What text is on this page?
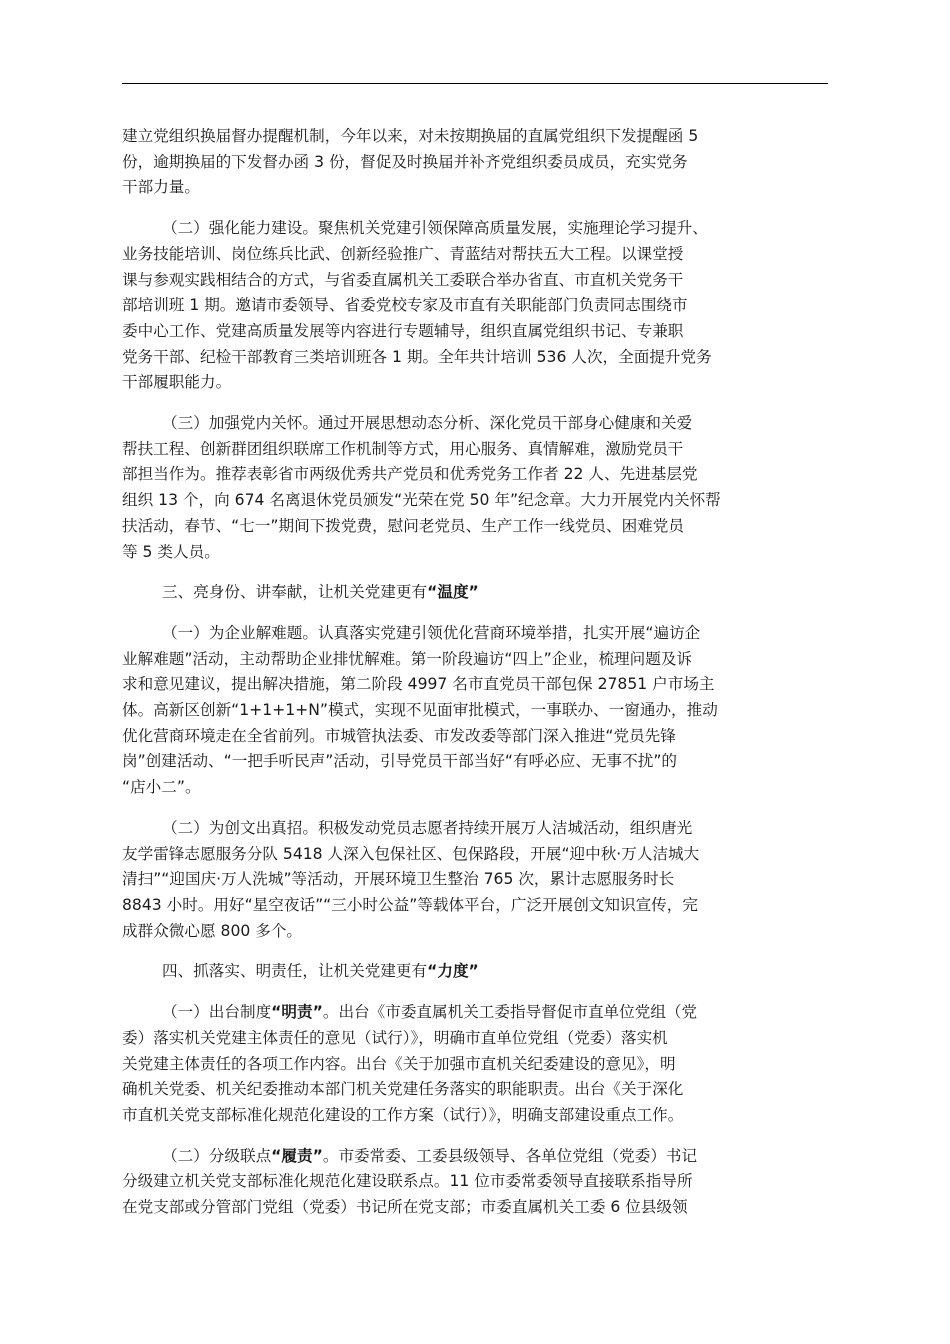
建立党组织换届督办提醒机制，今年以来，对未按期换届的直属党组织下发提醒函 5
份，逾期换届的下发督办函 3 份，督促及时换届并补齐党组织委员成员，充实党务
干部力量。

（二）强化能力建设。聚焦机关党建引领保障高质量发展，实施理论学习提升、
业务技能培训、岗位练兵比武、创新经验推广、青蓝结对帮扶五大工程。以课堂授
课与参观实践相结合的方式，与省委直属机关工委联合举办省直、市直机关党务干
部培训班 1 期。邀请市委领导、省委党校专家及市直有关职能部门负责同志围绕市
委中心工作、党建高质量发展等内容进行专题辅导，组织直属党组织书记、专兼职
党务干部、纪检干部教育三类培训班各 1 期。全年共计培训 536 人次，全面提升党务
干部履职能力。

（三）加强党内关怀。通过开展思想动态分析、深化党员干部身心健康和关爱
帮扶工程、创新群团组织联席工作机制等方式，用心服务、真情解难，激励党员干
部担当作为。推荐表彰省市两级优秀共产党员和优秀党务工作者 22 人、先进基层党
组织 13 个，向 674 名离退休党员颁发“光荣在党 50 年”纪念章。大力开展党内关怀帮
扶活动，春节、“七一”期间下拨党费，慰问老党员、生产工作一线党员、困难党员
等 5 类人员。

三、亮身份、讲奉献，让机关党建更有“温度”

（一）为企业解难题。认真落实党建引领优化营商环境举措，扎实开展“遍访企
业解难题”活动，主动帮助企业排忧解难。第一阶段遍访“四上”企业，梳理问题及诉
求和意见建议，提出解决措施，第二阶段 4997 名市直党员干部包保 27851 户市场主
体。高新区创新“1+1+1+N”模式，实现不见面审批模式，一事联办、一窗通办，推动
优化营商环境走在全省前列。市城管执法委、市发改委等部门深入推进“党员先锋
岗”创建活动、“一把手听民声”活动，引导党员干部当好“有呼必应、无事不扰”的
“店小二”。

（二）为创文出真招。积极发动党员志愿者持续开展万人洁城活动，组织唐光
友学雷锋志愿服务分队 5418 人深入包保社区、包保路段，开展“迎中秋·万人洁城大
清扫”“迎国庆·万人洗城”等活动，开展环境卫生整治 765 次，累计志愿服务时长
8843 小时。用好“星空夜话”“三小时公益”等载体平台，广泛开展创文知识宣传，完
成群众微心愿 800 多个。

四、抓落实、明责任，让机关党建更有“力度”

（一）出台制度“明责”。出台《市委直属机关工委指导督促市直单位党组（党
委）落实机关党建主体责任的意见（试行）》，明确市直单位党组（党委）落实机
关党建主体责任的各项工作内容。出台《关于加强市直机关纪委建设的意见》，明
确机关党委、机关纪委推动本部门机关党建任务落实的职能职责。出台《关于深化
市直机关党支部标准化规范化建设的工作方案（试行）》，明确支部建设重点工作。

（二）分级联点“履责”。市委常委、工委县级领导、各单位党组（党委）书记
分级建立机关党支部标准化规范化建设联系点。11 位市委常委领导直接联系指导所
在党支部或分管部门党组（党委）书记所在党支部；市委直属机关工委 6 位县级领
